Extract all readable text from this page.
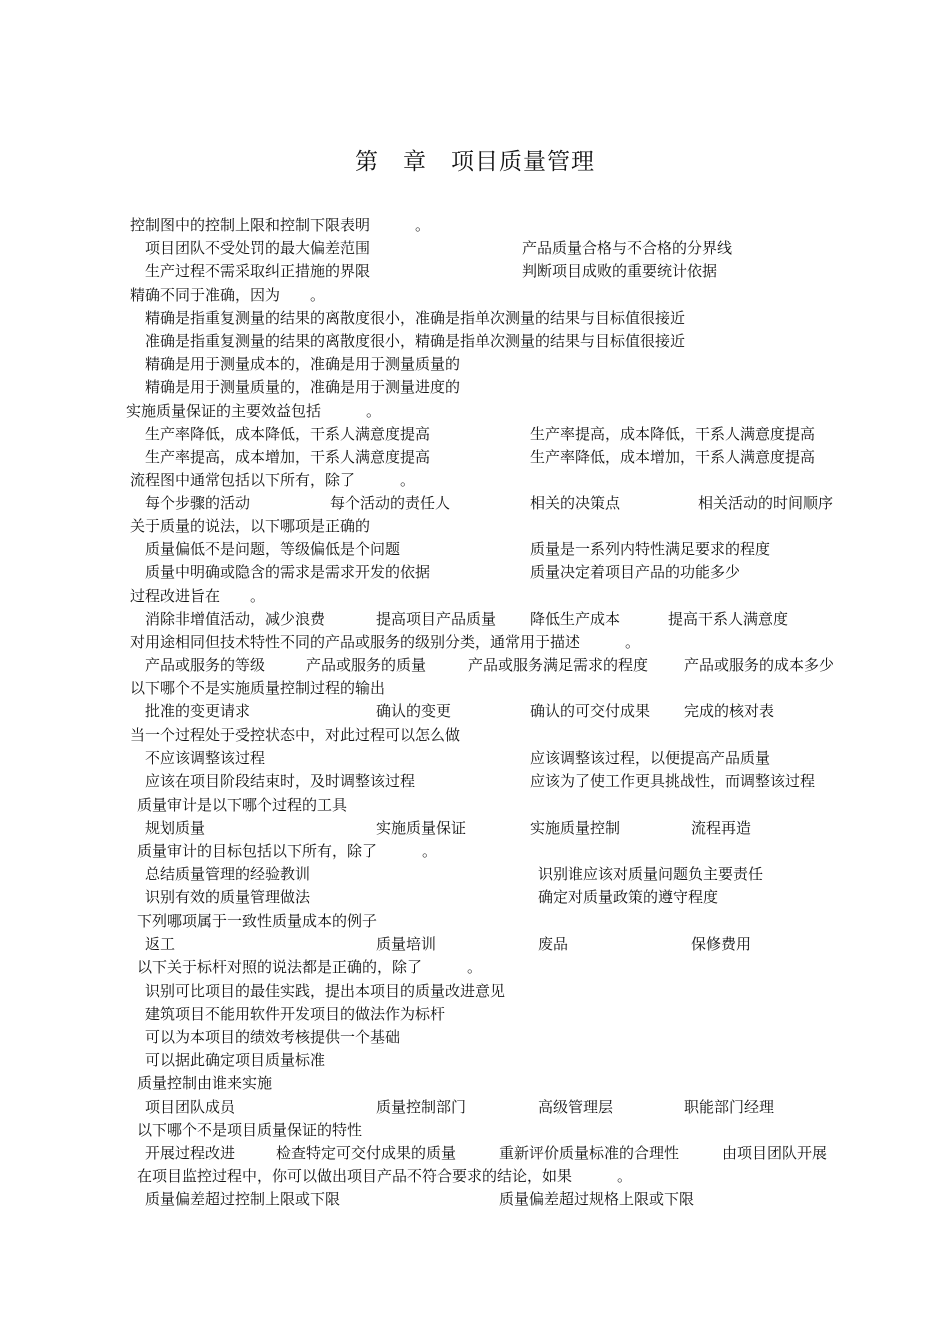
第　章　项目质量管理
控制图中的控制上限和控制下限表明　　　。
项目团队不受处罚的最大偏差范围	产品质量合格与不合格的分界线
生产过程不需采取纠正措施的界限	判断项目成败的重要统计依据
精确不同于准确，因为　　。
精确是指重复测量的结果的离散度很小，准确是指单次测量的结果与目标值很接近
准确是指重复测量的结果的离散度很小，精确是指单次测量的结果与目标值很接近
精确是用于测量成本的，准确是用于测量质量的
精确是用于测量质量的，准确是用于测量进度的
实施质量保证的主要效益包括　　　。
生产率降低，成本降低，干系人满意度提高	生产率提高，成本降低，干系人满意度提高
生产率提高，成本增加，干系人满意度提高	生产率降低，成本增加，干系人满意度提高
流程图中通常包括以下所有，除了　　　。
每个步骤的活动	每个活动的责任人	相关的决策点	相关活动的时间顺序
关于质量的说法，以下哪项是正确的
质量偏低不是问题，等级偏低是个问题	质量是一系列内特性满足要求的程度
质量中明确或隐含的需求是需求开发的依据	质量决定着项目产品的功能多少
过程改进旨在　　。
消除非增值活动，减少浪费	提高项目产品质量 降低生产成本	提高干系人满意度
对用途相同但技术特性不同的产品或服务的级别分类，通常用于描述　　　。
产品或服务的等级	产品或服务的质量	产品或服务满足需求的程度 产品或服务的成本多少
以下哪个不是实施质量控制过程的输出
批准的变更请求	确认的变更	确认的可交付成果 完成的核对表
当一个过程处于受控状态中，对此过程可以怎么做
不应该调整该过程	应该调整该过程，以便提高产品质量
应该在项目阶段结束时，及时调整该过程	应该为了使工作更具挑战性，而调整该过程
质量审计是以下哪个过程的工具
规划质量	实施质量保证	实施质量控制	流程再造
质量审计的目标包括以下所有，除了　　　。
总结质量管理的经验教训	识别谁应该对质量问题负主要责任
识别有效的质量管理做法	确定对质量政策的遵守程度
下列哪项属于一致性质量成本的例子
返工	质量培训	废品	保修费用
以下关于标杆对照的说法都是正确的，除了　　　。
识别可比项目的最佳实践，提出本项目的质量改进意见
建筑项目不能用软件开发项目的做法作为标杆
可以为本项目的绩效考核提供一个基础
可以据此确定项目质量标准
质量控制由谁来实施
项目团队成员	质量控制部门	高级管理层	职能部门经理
以下哪个不是项目质量保证的特性
开展过程改进	检查特定可交付成果的质量	重新评价质量标准的合理性	由项目团队开展
在项目监控过程中，你可以做出项目产品不符合要求的结论，如果　　　。
质量偏差超过控制上限或下限	质量偏差超过规格上限或下限
